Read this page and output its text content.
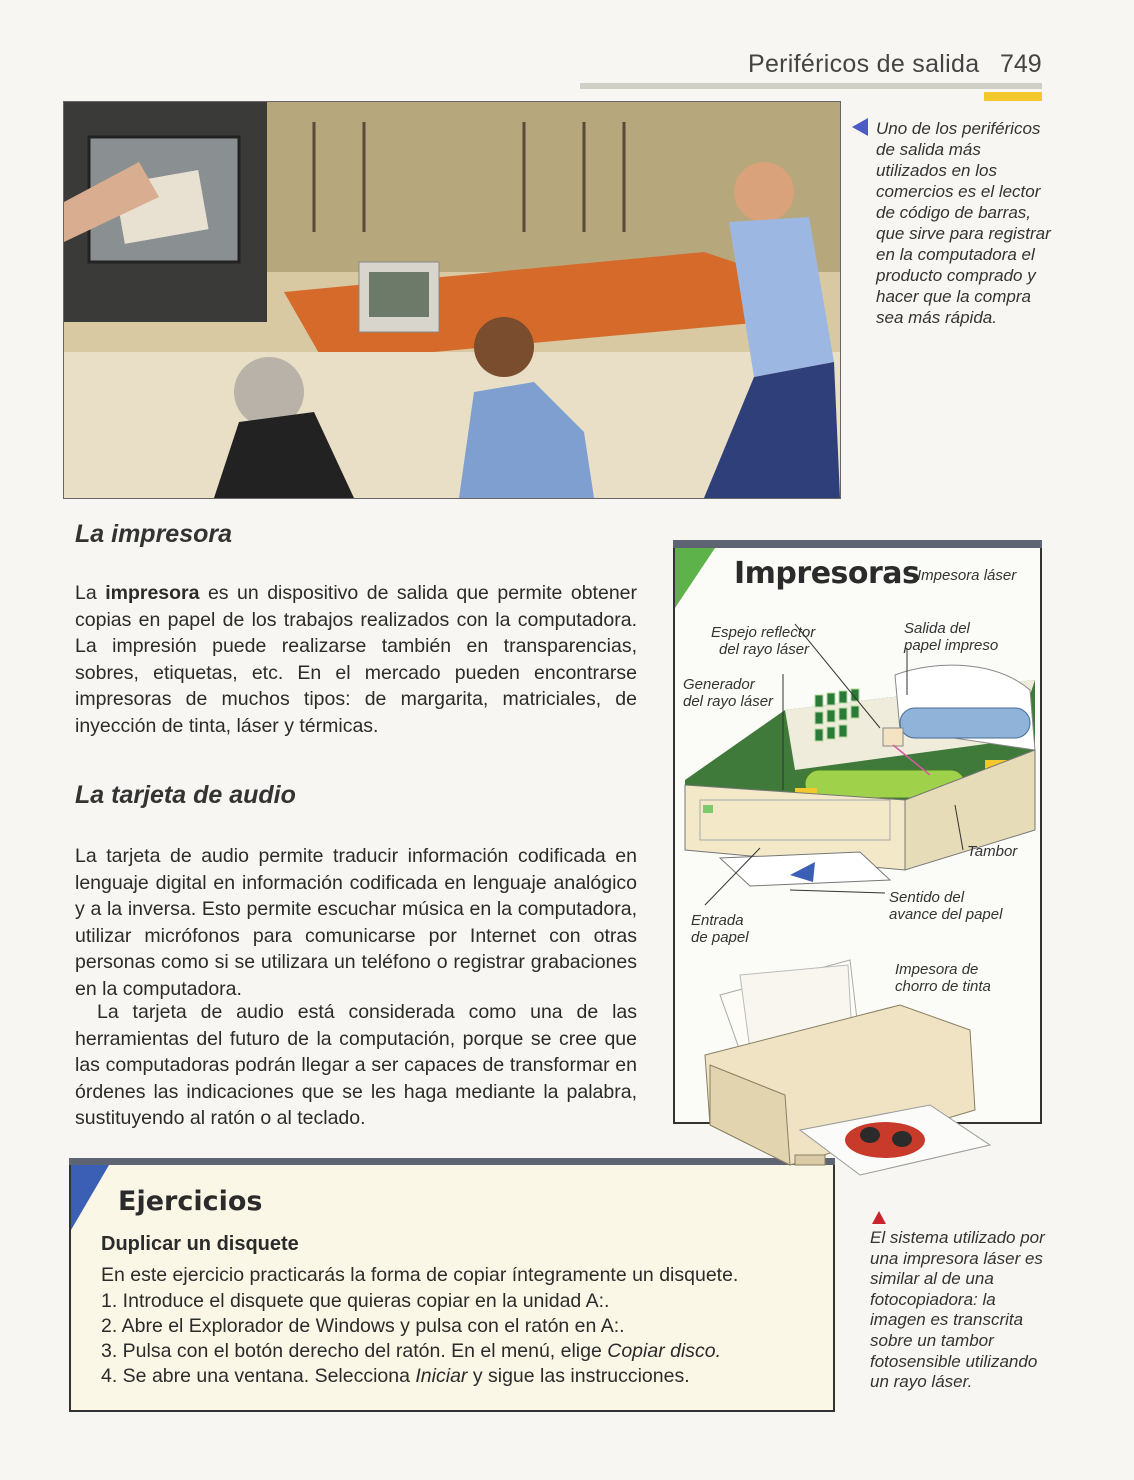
Periféricos de salida 749
Uno de los periféricos de salida más utilizados en los comercios es el lector de código de barras, que sirve para registrar en la computadora el producto comprado y hacer que la compra sea más rápida.
La impresora
La impresora es un dispositivo de salida que permite obtener copias en papel de los trabajos realizados con la computadora. La impresión puede realizarse también en transparencias, sobres, etiquetas, etc. En el mercado pueden encontrarse impresoras de muchos tipos: de margarita, matriciales, de inyección de tinta, láser y térmicas.
La tarjeta de audio
La tarjeta de audio permite traducir información codificada en lenguaje digital en información codificada en lenguaje analógico y a la inversa. Esto permite escuchar música en la computadora, utilizar micrófonos para comunicarse por Internet con otras personas como si se utilizara un teléfono o registrar grabaciones en la computadora.
La tarjeta de audio está considerada como una de las herramientas del futuro de la computación, porque se cree que las computadoras podrán llegar a ser capaces de transformar en órdenes las indicaciones que se les haga mediante la palabra, sustituyendo al ratón o al teclado.
Impresoras
Impesora láser
Espejo reflector
del rayo láser
Salida del
papel impreso
Generador
del rayo láser
Tambor
Sentido del
avance del papel
Entrada
de papel
Impesora de
chorro de tinta
Ejercicios
Duplicar un disquete
En este ejercicio practicarás la forma de copiar íntegramente un disquete.
1. Introduce el disquete que quieras copiar en la unidad A:.
2. Abre el Explorador de Windows y pulsa con el ratón en A:.
3. Pulsa con el botón derecho del ratón. En el menú, elige Copiar disco.
4. Se abre una ventana. Selecciona Iniciar y sigue las instrucciones.
El sistema utilizado por una impresora láser es similar al de una fotocopiadora: la imagen es transcrita sobre un tambor fotosensible utilizando un rayo láser.
